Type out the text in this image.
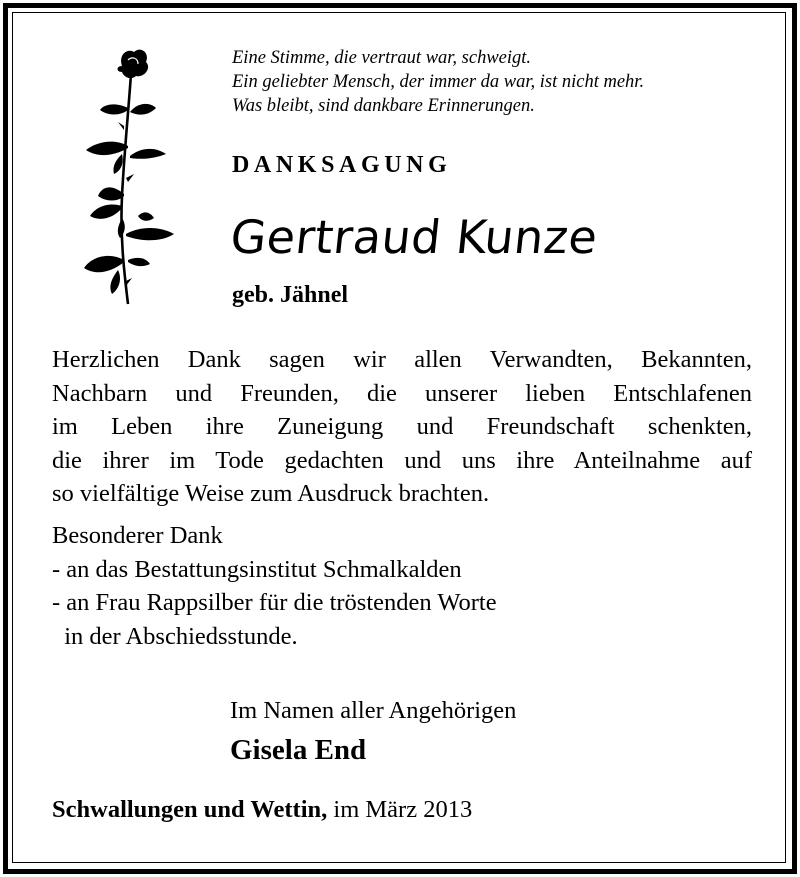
Eine Stimme, die vertraut war, schweigt.
Ein geliebter Mensch, der immer da war, ist nicht mehr.
Was bleibt, sind dankbare Erinnerungen.
DANKSAGUNG
Gertraud Kunze
geb. Jähnel
Herzlichen Dank sagen wir allen Verwandten, Bekannten,
Nachbarn und Freunden, die unserer lieben Entschlafenen
im Leben ihre Zuneigung und Freundschaft schenkten,
die ihrer im Tode gedachten und uns ihre Anteilnahme auf
so vielfältige Weise zum Ausdruck brachten.
Besonderer Dank
- an das Bestattungsinstitut Schmalkalden
- an Frau Rappsilber für die tröstenden Worte
in der Abschiedsstunde.
Im Namen aller Angehörigen
Gisela End
Schwallungen und Wettin, im März 2013
